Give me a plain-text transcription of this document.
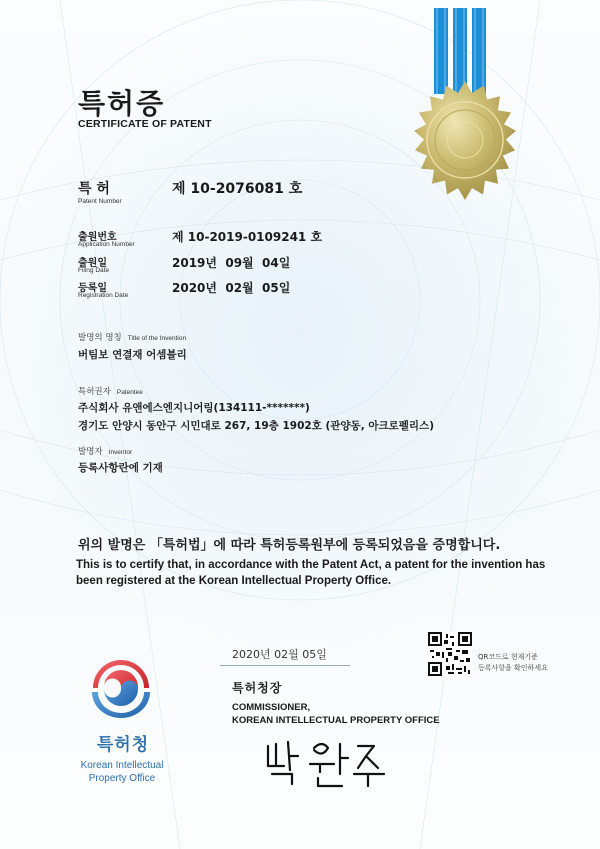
특허증
CERTIFICATE OF PATENT
특 허
Patent Number
제 10-2076081 호
출원번호
Application Number
제 10-2019-0109241 호
출원일
Filing Date
2019년  09월  04일
등록일
Registration Date
2020년  02월  05일
발명의 명칭 Title of the Invention
버팀보 연결재 어셈블리
특허권자 Patentee
주식회사 유앤에스엔지니어링(134111-*******)
경기도 안양시 동안구 시민대로 267, 19층 1902호 (관양동, 아크로펠리스)
발명자 Inventor
등록사항란에 기재
위의 발명은 「특허법」에 따라 특허등록원부에 등록되었음을 증명합니다.
This is to certify that, in accordance with the Patent Act, a patent for the invention has been registered at the Korean Intellectual Property Office.
2020년 02월 05일	QR코드로 현재기준
등록사항을 확인하세요
특허청장
COMMISSIONER,
KOREAN INTELLECTUAL PROPERTY OFFICE
특허청
Korean Intellectual
Property Office
